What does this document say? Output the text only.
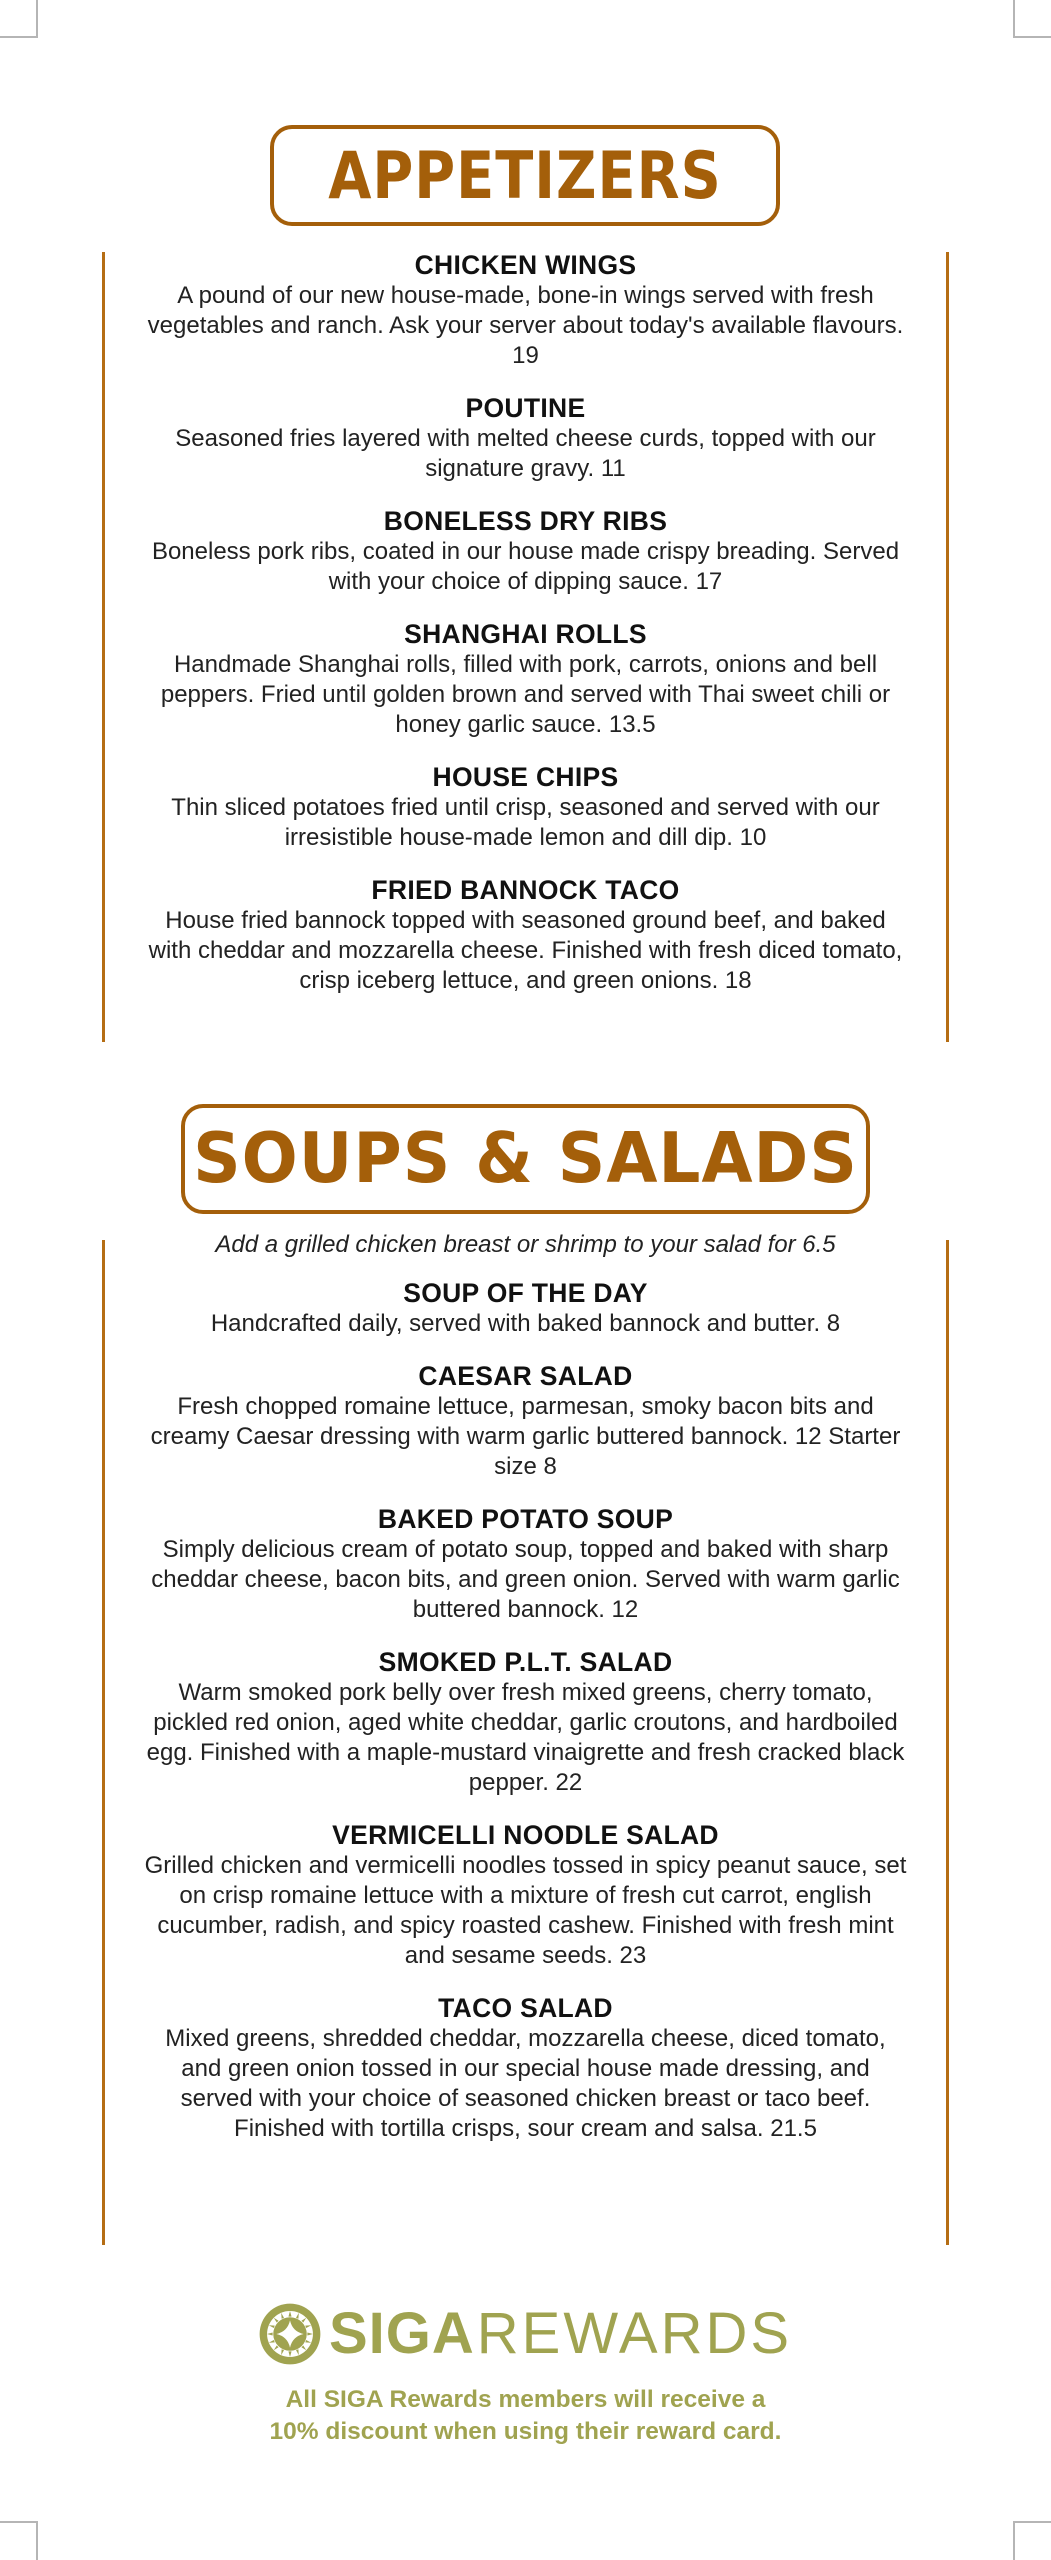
APPETIZERS
CHICKEN WINGS
A pound of our new house-made, bone-in wings served with fresh vegetables and ranch. Ask your server about today's available flavours. 19
POUTINE
Seasoned fries layered with melted cheese curds, topped with our signature gravy. 11
BONELESS DRY RIBS
Boneless pork ribs, coated in our house made crispy breading. Served with your choice of dipping sauce. 17
SHANGHAI ROLLS
Handmade Shanghai rolls, filled with pork, carrots, onions and bell peppers. Fried until golden brown and served with Thai sweet chili or honey garlic sauce. 13.5
HOUSE CHIPS
Thin sliced potatoes fried until crisp, seasoned and served with our irresistible house-made lemon and dill dip. 10
FRIED BANNOCK TACO
House fried bannock topped with seasoned ground beef, and baked with cheddar and mozzarella cheese. Finished with fresh diced tomato, crisp iceberg lettuce, and green onions. 18
SOUPS & SALADS
Add a grilled chicken breast or shrimp to your salad for 6.5
SOUP OF THE DAY
Handcrafted daily, served with baked bannock and butter. 8
CAESAR SALAD
Fresh chopped romaine lettuce, parmesan, smoky bacon bits and creamy Caesar dressing with warm garlic buttered bannock. 12 Starter size 8
BAKED POTATO SOUP
Simply delicious cream of potato soup, topped and baked with sharp cheddar cheese, bacon bits, and green onion. Served with warm garlic buttered bannock. 12
SMOKED P.L.T. SALAD
Warm smoked pork belly over fresh mixed greens, cherry tomato, pickled red onion, aged white cheddar, garlic croutons, and hardboiled egg. Finished with a maple-mustard vinaigrette and fresh cracked black pepper. 22
VERMICELLI NOODLE SALAD
Grilled chicken and vermicelli noodles tossed in spicy peanut sauce, set on crisp romaine lettuce with a mixture of fresh cut carrot, english cucumber, radish, and spicy roasted cashew. Finished with fresh mint and sesame seeds. 23
TACO SALAD
Mixed greens, shredded cheddar, mozzarella cheese, diced tomato, and green onion tossed in our special house made dressing, and served with your choice of seasoned chicken breast or taco beef. Finished with tortilla crisps, sour cream and salsa. 21.5
SIGA REWARDS
All SIGA Rewards members will receive a
10% discount when using their reward card.
